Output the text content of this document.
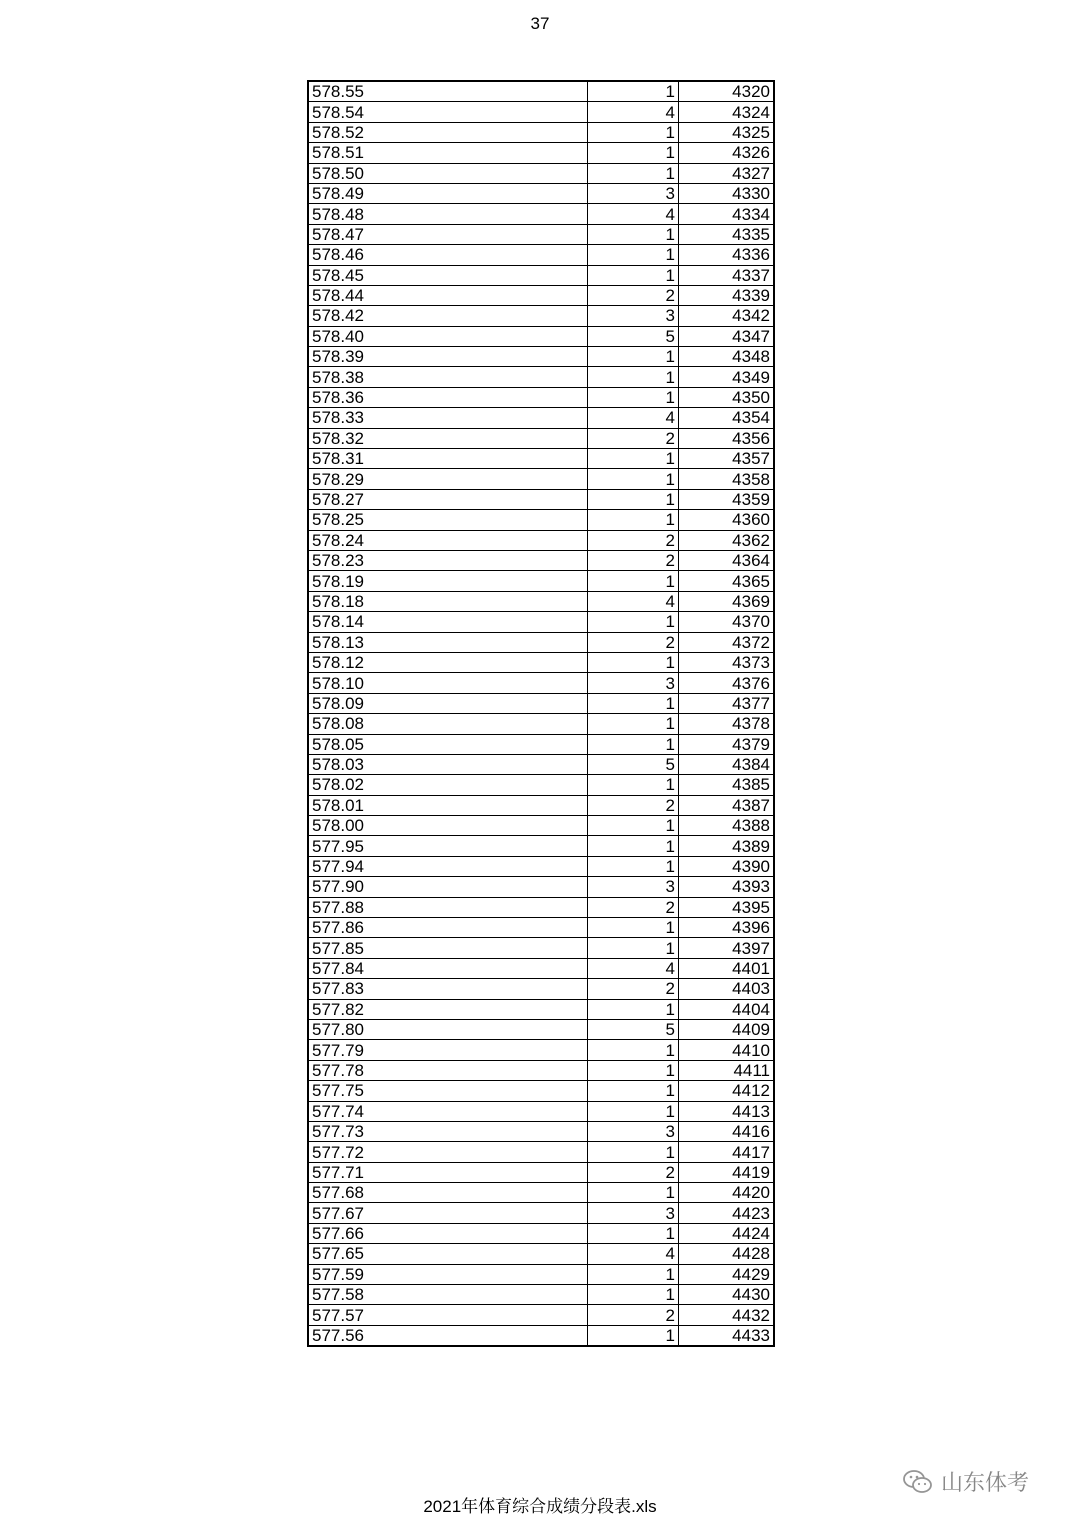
37
578.55	1	4320
578.54	4	4324
578.52	1	4325
578.51	1	4326
578.50	1	4327
578.49	3	4330
578.48	4	4334
578.47	1	4335
578.46	1	4336
578.45	1	4337
578.44	2	4339
578.42	3	4342
578.40	5	4347
578.39	1	4348
578.38	1	4349
578.36	1	4350
578.33	4	4354
578.32	2	4356
578.31	1	4357
578.29	1	4358
578.27	1	4359
578.25	1	4360
578.24	2	4362
578.23	2	4364
578.19	1	4365
578.18	4	4369
578.14	1	4370
578.13	2	4372
578.12	1	4373
578.10	3	4376
578.09	1	4377
578.08	1	4378
578.05	1	4379
578.03	5	4384
578.02	1	4385
578.01	2	4387
578.00	1	4388
577.95	1	4389
577.94	1	4390
577.90	3	4393
577.88	2	4395
577.86	1	4396
577.85	1	4397
577.84	4	4401
577.83	2	4403
577.82	1	4404
577.80	5	4409
577.79	1	4410
577.78	1	4411
577.75	1	4412
577.74	1	4413
577.73	3	4416
577.72	1	4417
577.71	2	4419
577.68	1	4420
577.67	3	4423
577.66	1	4424
577.65	4	4428
577.59	1	4429
577.58	1	4430
577.57	2	4432
577.56	1	4433
2021年体育综合成绩分段表.xls
山东体考
